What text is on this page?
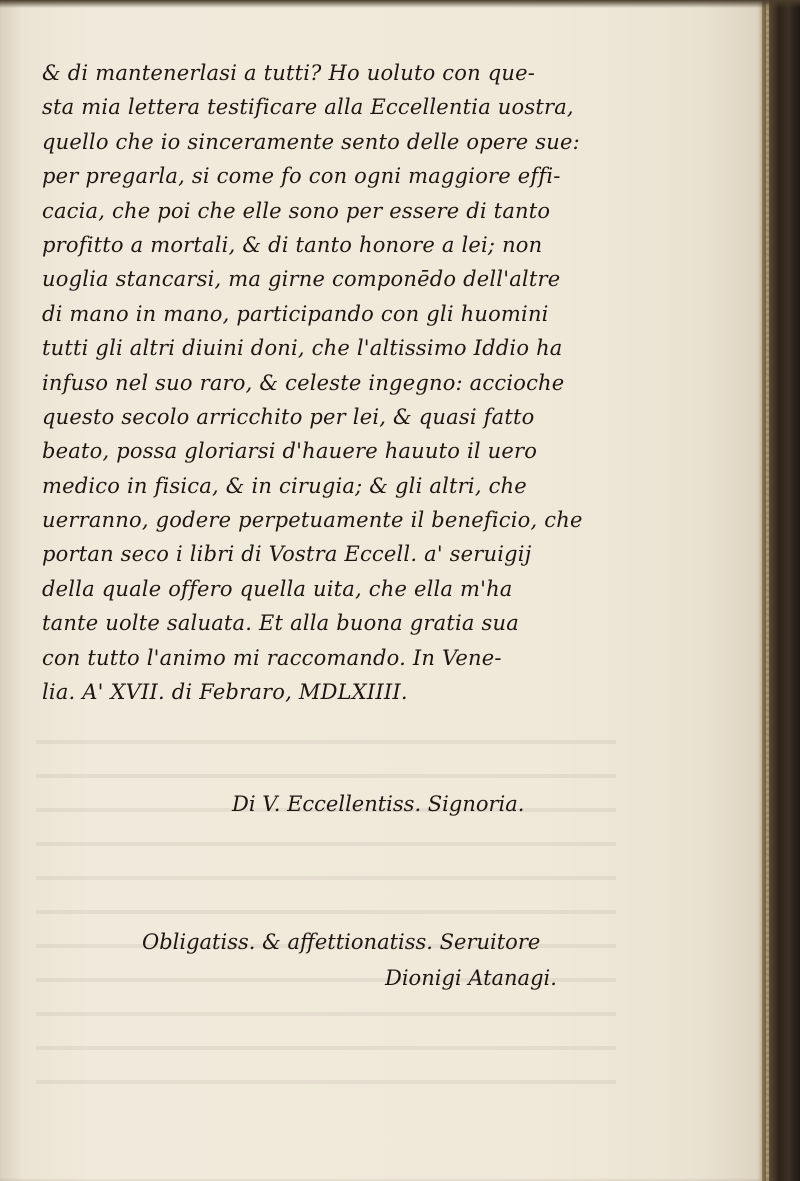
& di mantenerlasi a tutti? Ho uoluto con que-
sta mia lettera testificare alla Eccellentia uostra,
quello che io sinceramente sento delle opere sue:
per pregarla, si come fo con ogni maggiore effi-
cacia, che poi che elle sono per essere di tanto
profitto a mortali, & di tanto honore a lei; non
uoglia stancarsi, ma girne componēdo dell'altre
di mano in mano, participando con gli huomini
tutti gli altri diuini doni, che l'altissimo Iddio ha
infuso nel suo raro, & celeste ingegno: accioche
questo secolo arricchito per lei, & quasi fatto
beato, possa gloriarsi d'hauere hauuto il uero
medico in fisica, & in cirugia; & gli altri, che
uerranno, godere perpetuamente il beneficio, che
portan seco i libri di Vostra Eccell. a' seruigij
della quale offero quella uita, che ella m'ha
tante uolte saluata. Et alla buona gratia sua
con tutto l'animo mi raccomando. In Vene-
lia. A' XVII. di Febraro, MDLXIIII.
Di V. Eccellentiss. Signoria.
Obligatiss. & affettionatiss. Seruitore
Dionigi Atanagi.
